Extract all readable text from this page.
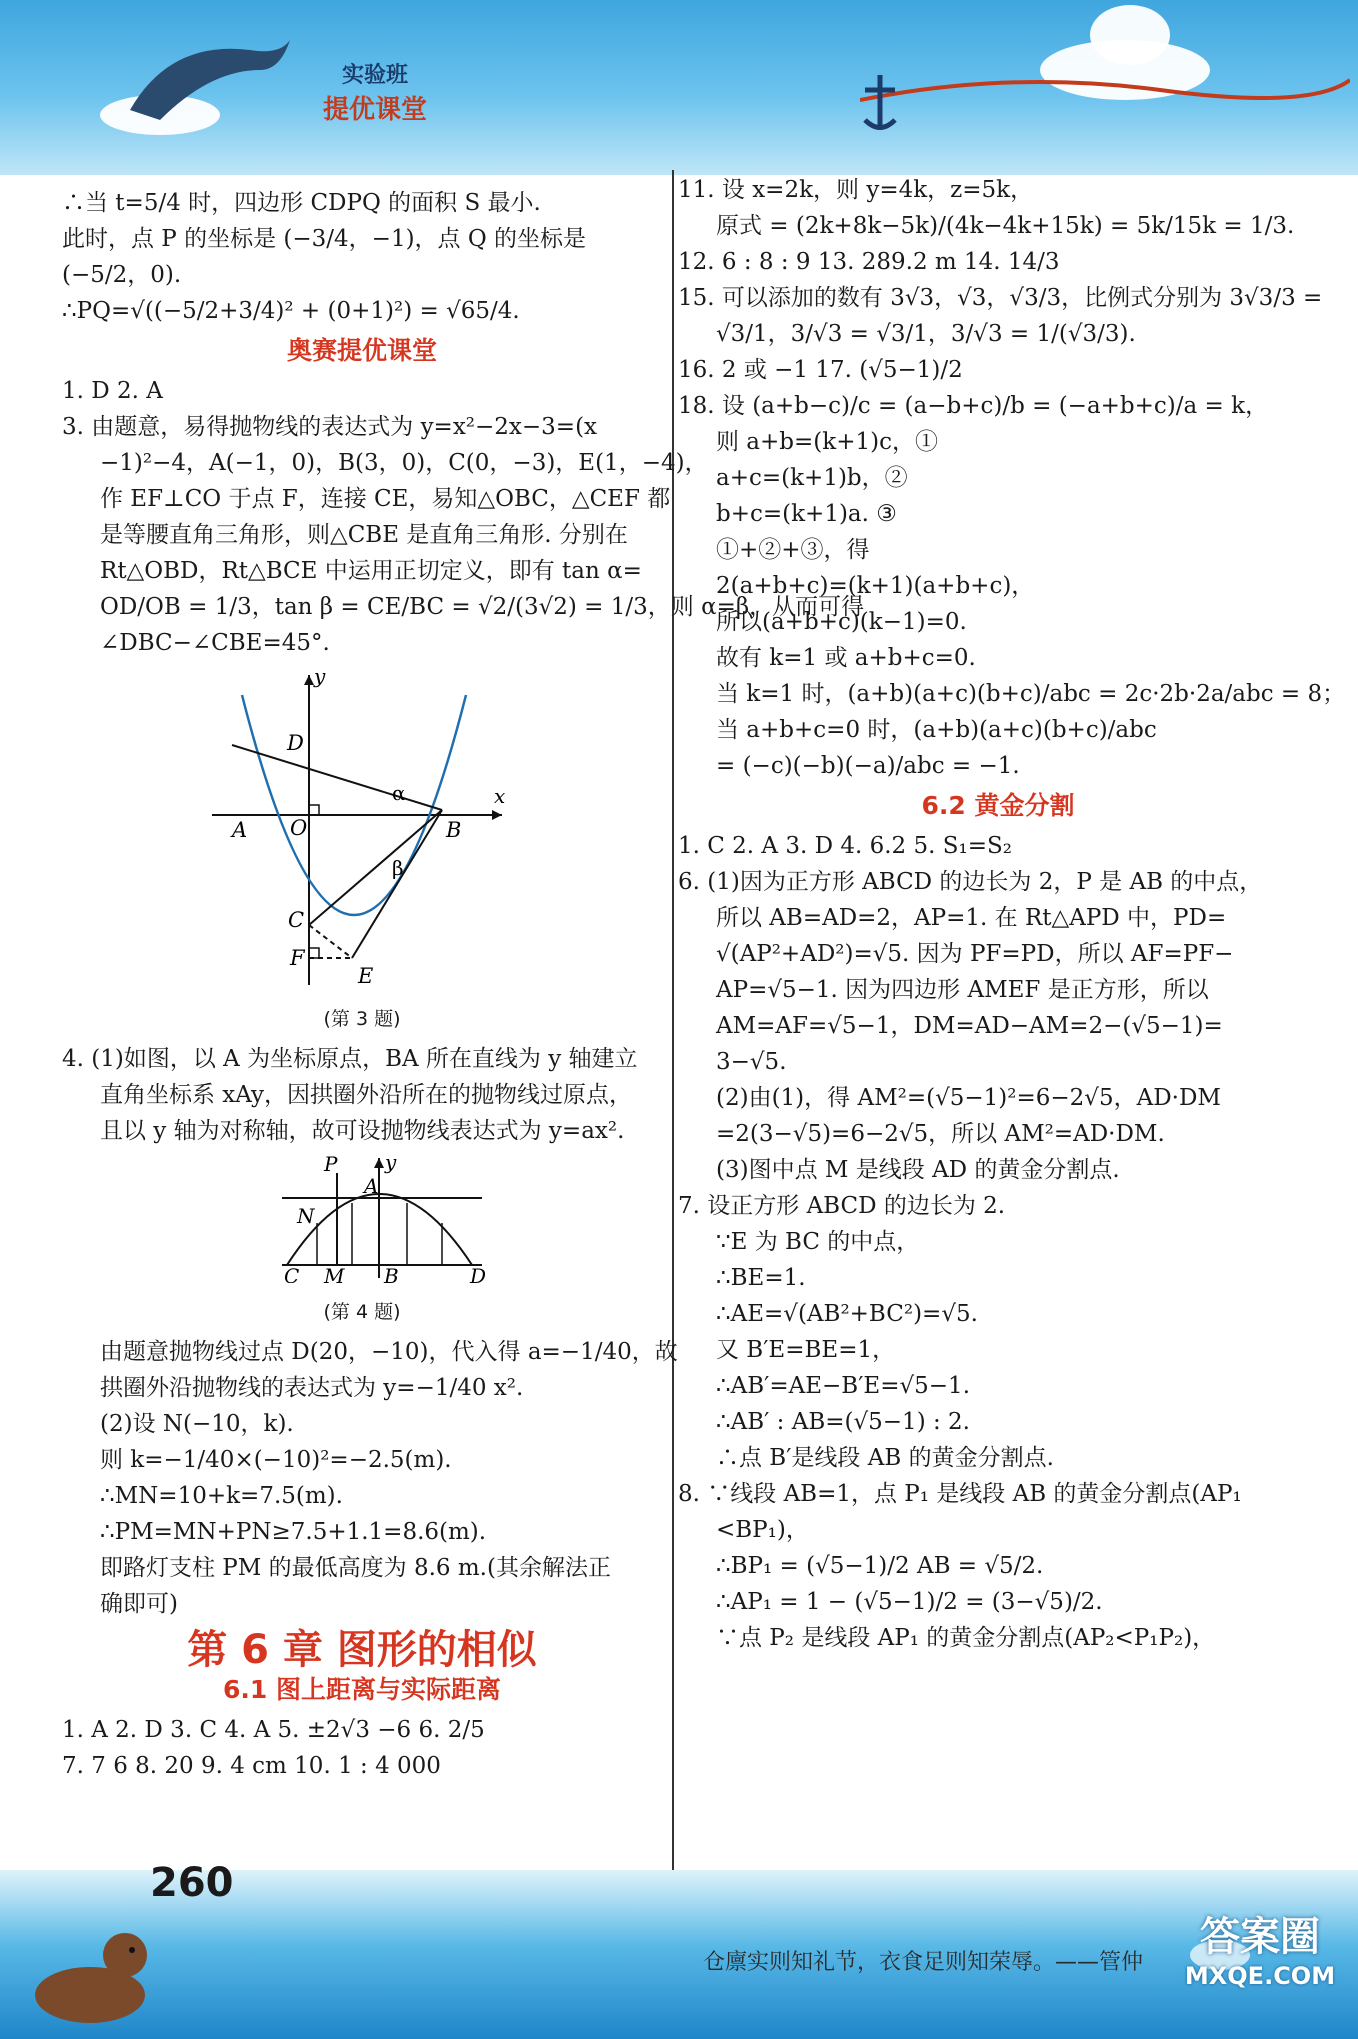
实验班
提优课堂
∴当 t=5/4 时，四边形 CDPQ 的面积 S 最小.
此时，点 P 的坐标是 (−3/4，−1)，点 Q 的坐标是
(−5/2，0).
∴PQ=√((−5/2+3/4)² + (0+1)²) = √65/4.
奥赛提优课堂
1. D 2. A
3. 由题意，易得抛物线的表达式为 y=x²−2x−3=(x
−1)²−4，A(−1，0)，B(3，0)，C(0，−3)，E(1，−4)，
作 EF⊥CO 于点 F，连接 CE，易知△OBC，△CEF 都
是等腰直角三角形，则△CBE 是直角三角形. 分别在
Rt△OBD，Rt△BCE 中运用正切定义，即有 tan α=
OD/OB = 1/3，tan β = CE/BC = √2/(3√2) = 1/3，则 α=β，从而可得
∠DBC−∠CBE=45°.
y
x
D
A O	B
α
β
C
F
E
(第 3 题)
4. (1)如图，以 A 为坐标原点，BA 所在直线为 y 轴建立
直角坐标系 xAy，因拱圈外沿所在的抛物线过原点，
且以 y 轴为对称轴，故可设抛物线表达式为 y=ax².
P y
A
N
C M B	D
(第 4 题)
由题意抛物线过点 D(20，−10)，代入得 a=−1/40，故
拱圈外沿抛物线的表达式为 y=−1/40 x².
(2)设 N(−10，k).
则 k=−1/40×(−10)²=−2.5(m).
∴MN=10+k=7.5(m).
∴PM=MN+PN≥7.5+1.1=8.6(m).
即路灯支柱 PM 的最低高度为 8.6 m.(其余解法正
确即可)
第 6 章 图形的相似
6.1 图上距离与实际距离
1. A 2. D 3. C 4. A 5. ±2√3 −6 6. 2/5
7. 7 6 8. 20 9. 4 cm 10. 1 : 4 000
11. 设 x=2k，则 y=4k，z=5k，
原式 = (2k+8k−5k)/(4k−4k+15k) = 5k/15k = 1/3.
12. 6 : 8 : 9 13. 289.2 m 14. 14/3
15. 可以添加的数有 3√3，√3，√3/3，比例式分别为 3√3/3 =
√3/1，3/√3 = √3/1，3/√3 = 1/(√3/3).
16. 2 或 −1 17. (√5−1)/2
18. 设 (a+b−c)/c = (a−b+c)/b = (−a+b+c)/a = k，
则 a+b=(k+1)c，①
a+c=(k+1)b，②
b+c=(k+1)a. ③
①+②+③，得
2(a+b+c)=(k+1)(a+b+c)，
所以(a+b+c)(k−1)=0.
故有 k=1 或 a+b+c=0.
当 k=1 时，(a+b)(a+c)(b+c)/abc = 2c·2b·2a/abc = 8；
当 a+b+c=0 时，(a+b)(a+c)(b+c)/abc
= (−c)(−b)(−a)/abc = −1.
6.2 黄金分割
1. C 2. A 3. D 4. 6.2 5. S₁=S₂
6. (1)因为正方形 ABCD 的边长为 2，P 是 AB 的中点，
所以 AB=AD=2，AP=1. 在 Rt△APD 中，PD=
√(AP²+AD²)=√5. 因为 PF=PD，所以 AF=PF−
AP=√5−1. 因为四边形 AMEF 是正方形，所以
AM=AF=√5−1，DM=AD−AM=2−(√5−1)=
3−√5.
(2)由(1)，得 AM²=(√5−1)²=6−2√5，AD·DM
=2(3−√5)=6−2√5，所以 AM²=AD·DM.
(3)图中点 M 是线段 AD 的黄金分割点.
7. 设正方形 ABCD 的边长为 2.
∵E 为 BC 的中点，
∴BE=1.
∴AE=√(AB²+BC²)=√5.
又 B′E=BE=1，
∴AB′=AE−B′E=√5−1.
∴AB′ : AB=(√5−1) : 2.
∴点 B′是线段 AB 的黄金分割点.
8. ∵线段 AB=1，点 P₁ 是线段 AB 的黄金分割点(AP₁
<BP₁)，
∴BP₁ = (√5−1)/2 AB = √5/2.
∴AP₁ = 1 − (√5−1)/2 = (3−√5)/2.
∵点 P₂ 是线段 AP₁ 的黄金分割点(AP₂<P₁P₂)，
260
仓廪实则知礼节，衣食足则知荣辱。——管仲
答案圈
MXQE.COM
